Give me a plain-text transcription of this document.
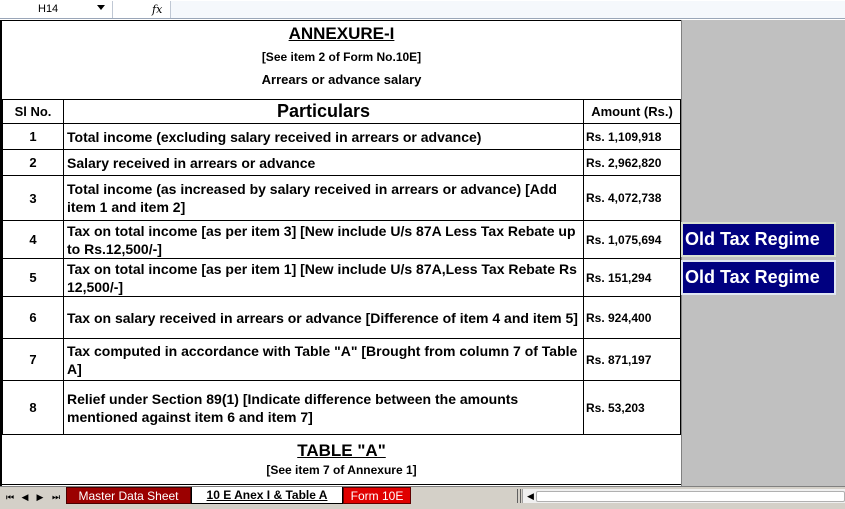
H14	fx
ANNEXURE-I
[See item 2 of Form No.10E]
Arrears or advance salary
Sl No.	Particulars	Amount (Rs.)
1	Total income (excluding salary received in arrears or advance)	Rs. 1,109,918
2	Salary received in arrears or advance	Rs. 2,962,820
3	Total income (as increased by salary received in arrears or advance) [Add item 1 and item 2]	Rs. 4,072,738
4	Tax on total income [as per item 3] [New include U/s 87A Less Tax Rebate up to Rs.12,500/-]	Rs. 1,075,694
5	Tax on total income [as per item 1] [New include U/s 87A,Less Tax Rebate Rs 12,500/-]	Rs. 151,294
6	Tax on salary received in arrears or advance [Difference of item 4 and item 5]	Rs. 924,400
7	Tax computed in accordance with Table "A" [Brought from column 7 of Table A]	Rs. 871,197
8	Relief under Section 89(1) [Indicate difference between the amounts mentioned against item 6 and item 7]	Rs. 53,203
TABLE "A"
[See item 7 of Annexure 1]
Old Tax Regime
Old Tax Regime
⏮ ◀ ▶ ⏭	Master Data Sheet	10 E Anex I & Table A	Form 10E	◀
